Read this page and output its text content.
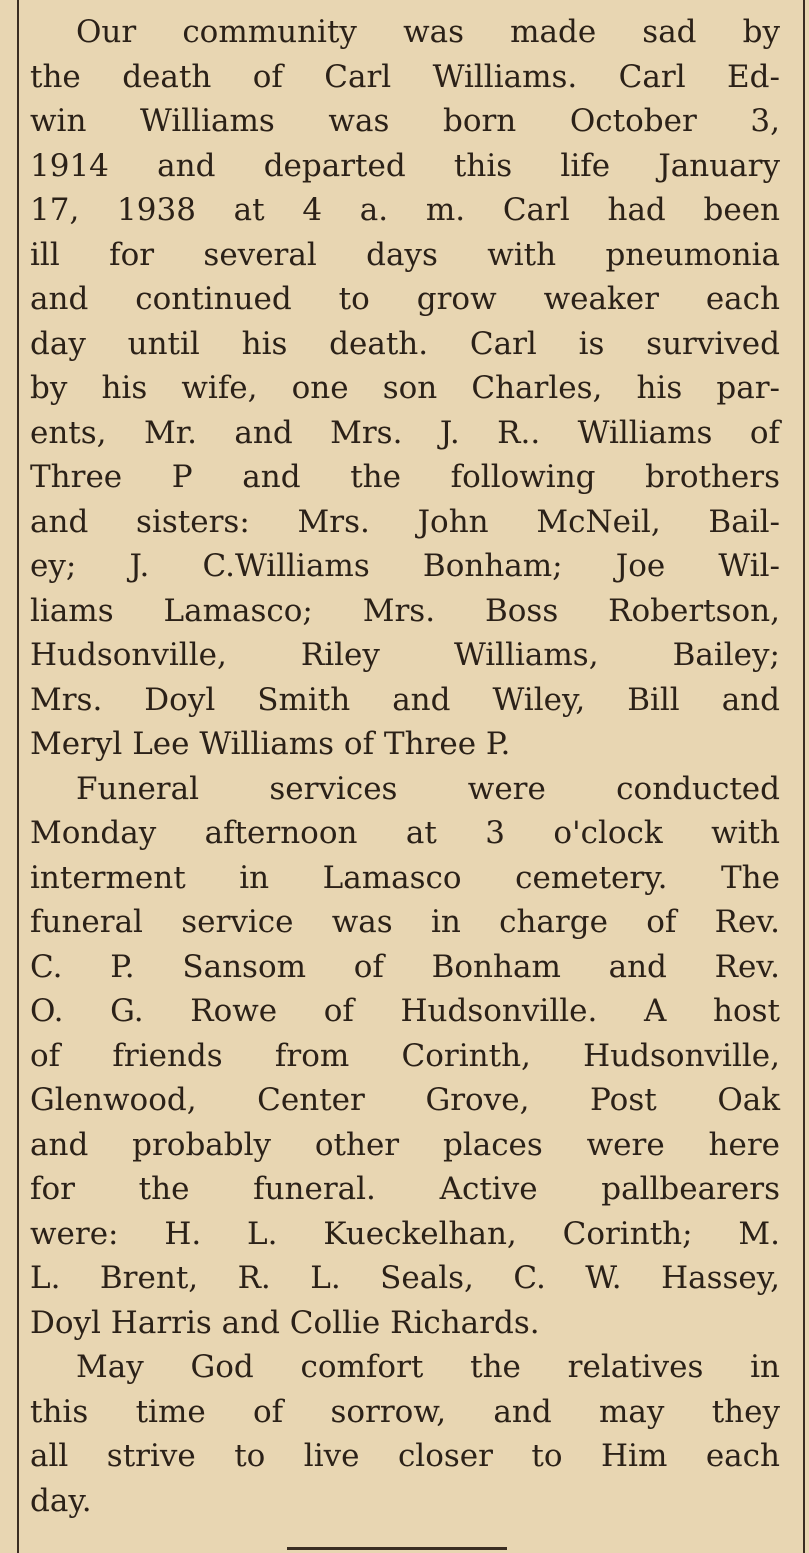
Our community was made sad by
the death of Carl Williams. Carl Ed-
win Williams was born October 3,
1914 and departed this life January
17, 1938 at 4 a. m. Carl had been
ill for several days with pneumonia
and continued to grow weaker each
day until his death. Carl is survived
by his wife, one son Charles, his par-
ents, Mr. and Mrs. J. R.. Williams of
Three P and the following brothers
and sisters: Mrs. John McNeil, Bail-
ey; J. C.Williams Bonham; Joe Wil-
liams Lamasco; Mrs. Boss Robertson,
Hudsonville, Riley Williams, Bailey;
Mrs. Doyl Smith and Wiley, Bill and
Meryl Lee Williams of Three P.

Funeral services were conducted
Monday afternoon at 3 o'clock with
interment in Lamasco cemetery. The
funeral service was in charge of Rev.
C. P. Sansom of Bonham and Rev.
O. G. Rowe of Hudsonville. A host
of friends from Corinth, Hudsonville,
Glenwood, Center Grove, Post Oak
and probably other places were here
for the funeral. Active pallbearers
were: H. L. Kueckelhan, Corinth; M.
L. Brent, R. L. Seals, C. W. Hassey,
Doyl Harris and Collie Richards.

May God comfort the relatives in
this time of sorrow, and may they
all strive to live closer to Him each
day.
